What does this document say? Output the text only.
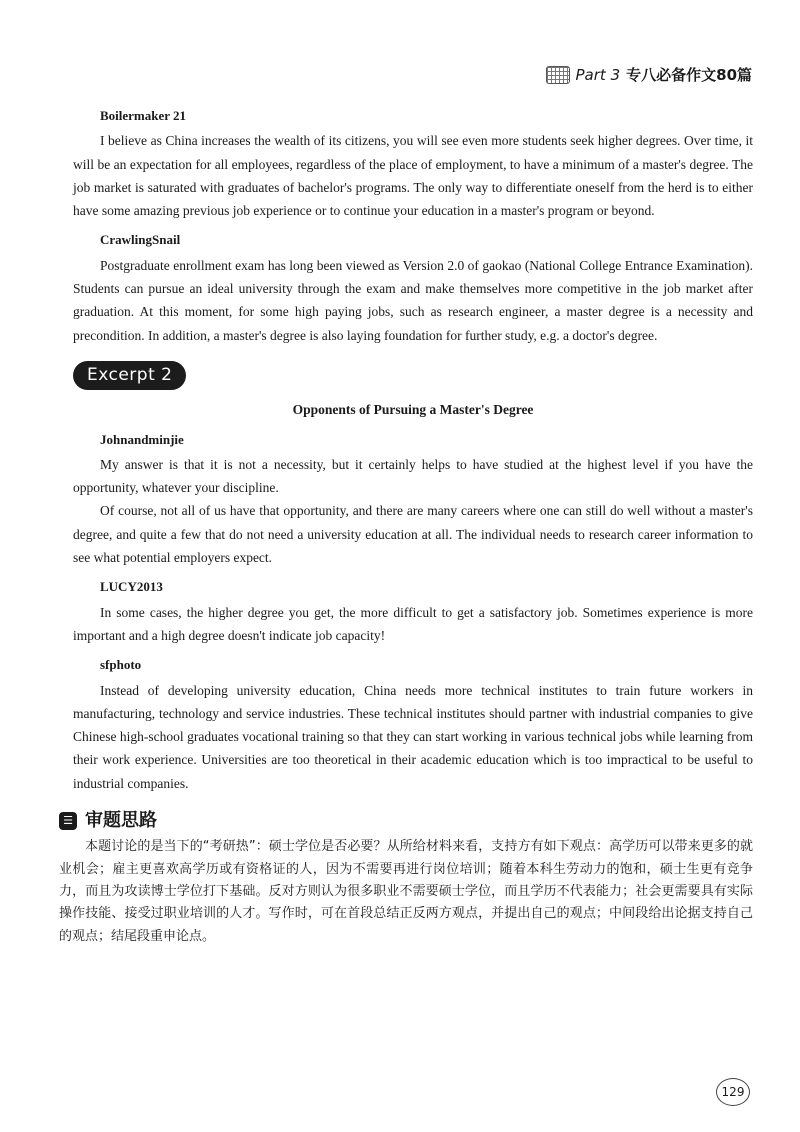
Part 3 专八必备作文80篇
Boilermaker 21

I believe as China increases the wealth of its citizens, you will see even more students seek higher degrees. Over time, it will be an expectation for all employees, regardless of the place of employment, to have a minimum of a master's degree. The job market is saturated with graduates of bachelor's programs. The only way to differentiate oneself from the herd is to either have some amazing previous job experience or to continue your education in a master's program or beyond.

CrawlingSnail

Postgraduate enrollment exam has long been viewed as Version 2.0 of gaokao (National College Entrance Examination). Students can pursue an ideal university through the exam and make themselves more competitive in the job market after graduation. At this moment, for some high paying jobs, such as research engineer, a master degree is a necessity and precondition. In addition, a master's degree is also laying foundation for further study, e.g. a doctor's degree.

Excerpt 2
Opponents of Pursuing a Master's Degree
Johnandminjie

My answer is that it is not a necessity, but it certainly helps to have studied at the highest level if you have the opportunity, whatever your discipline.

Of course, not all of us have that opportunity, and there are many careers where one can still do well without a master's degree, and quite a few that do not need a university education at all. The individual needs to research career information to see what potential employers expect.

LUCY2013

In some cases, the higher degree you get, the more difficult to get a satisfactory job. Sometimes experience is more important and a high degree doesn't indicate job capacity!

sfphoto

Instead of developing university education, China needs more technical institutes to train future workers in manufacturing, technology and service industries. These technical institutes should partner with industrial companies to give Chinese high-school graduates vocational training so that they can start working in various technical jobs while learning from their work experience. Universities are too theoretical in their academic education which is too impractical to be useful to industrial companies.

☰ 审题思路

本题讨论的是当下的“考研热”：硕士学位是否必要？从所给材料来看，支持方有如下观点：高学历可以带来更多的就业机会；雇主更喜欢高学历或有资格证的人，因为不需要再进行岗位培训；随着本科生劳动力的饱和，硕士生更有竞争力，而且为攻读博士学位打下基础。反对方则认为很多职业不需要硕士学位，而且学历不代表能力；社会更需要具有实际操作技能、接受过职业培训的人才。写作时，可在首段总结正反两方观点，并提出自己的观点；中间段给出论据支持自己的观点；结尾段重申论点。

129
